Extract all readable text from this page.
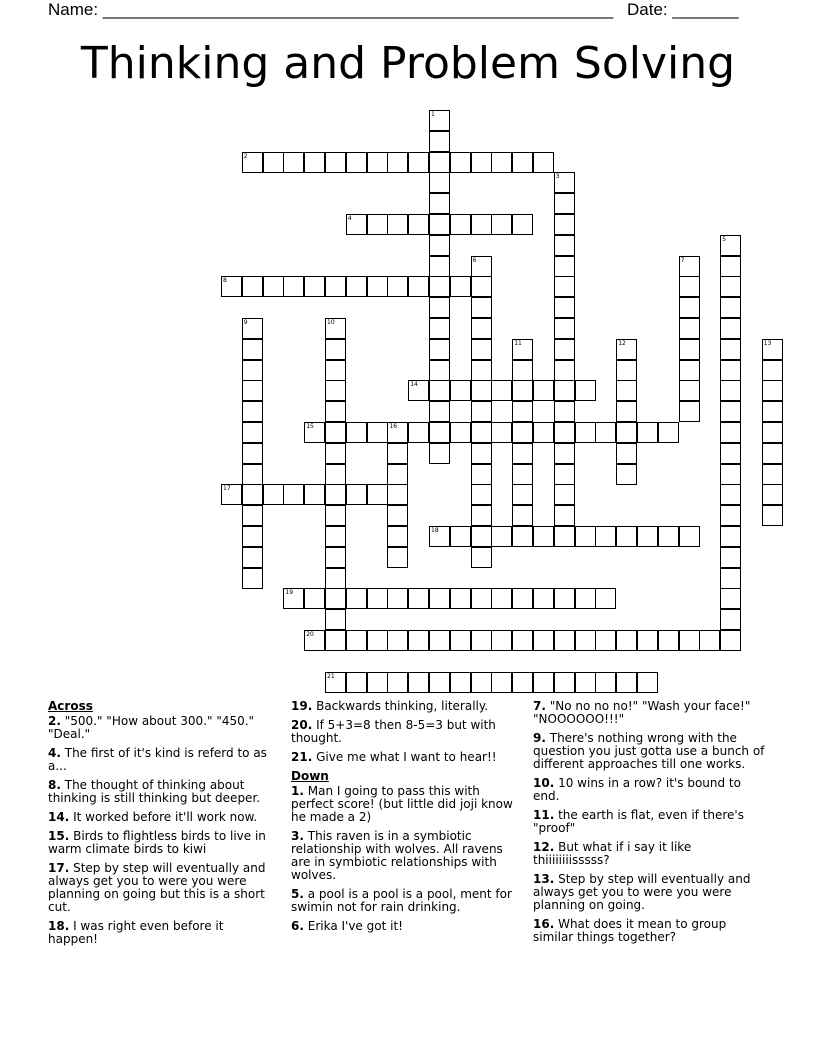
Name: ______________________________________________________ Date: _______
Thinking and Problem Solving
1
2
3
4
5
6	7
8
9	10
11	12	13
14
15	16
17
18
19
20
21
Across
2. "500." "How about 300." "450." "Deal."
4. The first of it's kind is referd to as a...
8. The thought of thinking about thinking is still thinking but deeper.
14. It worked before it'll work now.
15. Birds to flightless birds to live in warm climate birds to kiwi
17. Step by step will eventually and always get you to were you were planning on going but this is a short cut.
18. I was right even before it happen!
19. Backwards thinking, literally.
20. If 5+3=8 then 8-5=3 but with thought.
21. Give me what I want to hear!!
Down
1. Man I going to pass this with perfect score! (but little did joji know he made a 2)
3. This raven is in a symbiotic relationship with wolves. All ravens are in symbiotic relationships with wolves.
5. a pool is a pool is a pool, ment for swimin not for rain drinking.
6. Erika I've got it!
7. "No no no no!" "Wash your face!" "NOOOOOO!!!"
9. There's nothing wrong with the question you just gotta use a bunch of different approaches till one works.
10. 10 wins in a row? it's bound to end.
11. the earth is flat, even if there's "proof"
12. But what if i say it like thiiiiiiiisssss?
13. Step by step will eventually and always get you to were you were planning on going.
16. What does it mean to group similar things together?
